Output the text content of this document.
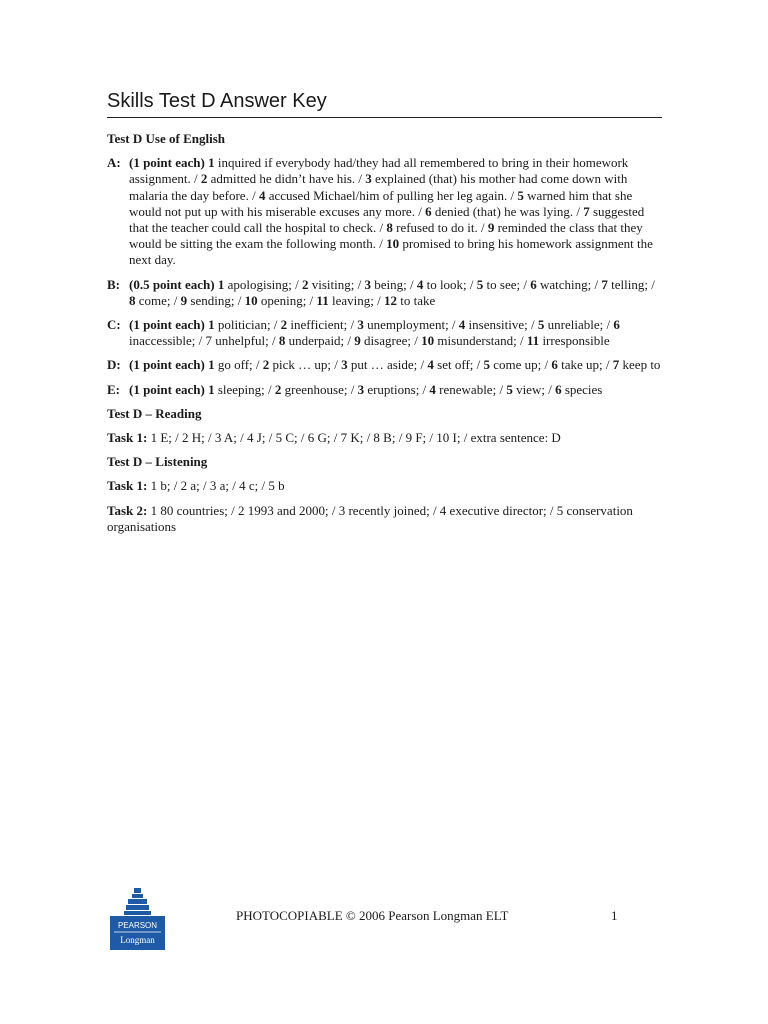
Skills Test D Answer Key
Test D Use of English
A: (1 point each) 1 inquired if everybody had/they had all remembered to bring in their homework assignment. / 2 admitted he didn’t have his. / 3 explained (that) his mother had come down with malaria the day before. / 4 accused Michael/him of pulling her leg again. / 5 warned him that she would not put up with his miserable excuses any more. / 6 denied (that) he was lying. / 7 suggested that the teacher could call the hospital to check. / 8 refused to do it. / 9 reminded the class that they would be sitting the exam the following month. / 10 promised to bring his homework assignment the next day.
B: (0.5 point each) 1 apologising; / 2 visiting; / 3 being; / 4 to look; / 5 to see; / 6 watching; / 7 telling; / 8 come; / 9 sending; / 10 opening; / 11 leaving; / 12 to take
C: (1 point each) 1 politician; / 2 inefficient; / 3 unemployment; / 4 insensitive; / 5 unreliable; / 6 inaccessible; / 7 unhelpful; / 8 underpaid; / 9 disagree; / 10 misunderstand; / 11 irresponsible
D: (1 point each) 1 go off; / 2 pick … up; / 3 put … aside; / 4 set off; / 5 come up; / 6 take up; / 7 keep to
E: (1 point each) 1 sleeping; / 2 greenhouse; / 3 eruptions; / 4 renewable; / 5 view; / 6 species
Test D – Reading
Task 1: 1 E; / 2 H; / 3 A; / 4 J; / 5 C; / 6 G; / 7 K; / 8 B; / 9 F; / 10 I; / extra sentence: D
Test D – Listening
Task 1: 1 b; / 2 a; / 3 a; / 4 c; / 5 b
Task 2: 1 80 countries; / 2 1993 and 2000; / 3 recently joined; / 4 executive director; / 5 conservation organisations
PEARSON
Longman
PHOTOCOPIABLE © 2006 Pearson Longman ELT	1
